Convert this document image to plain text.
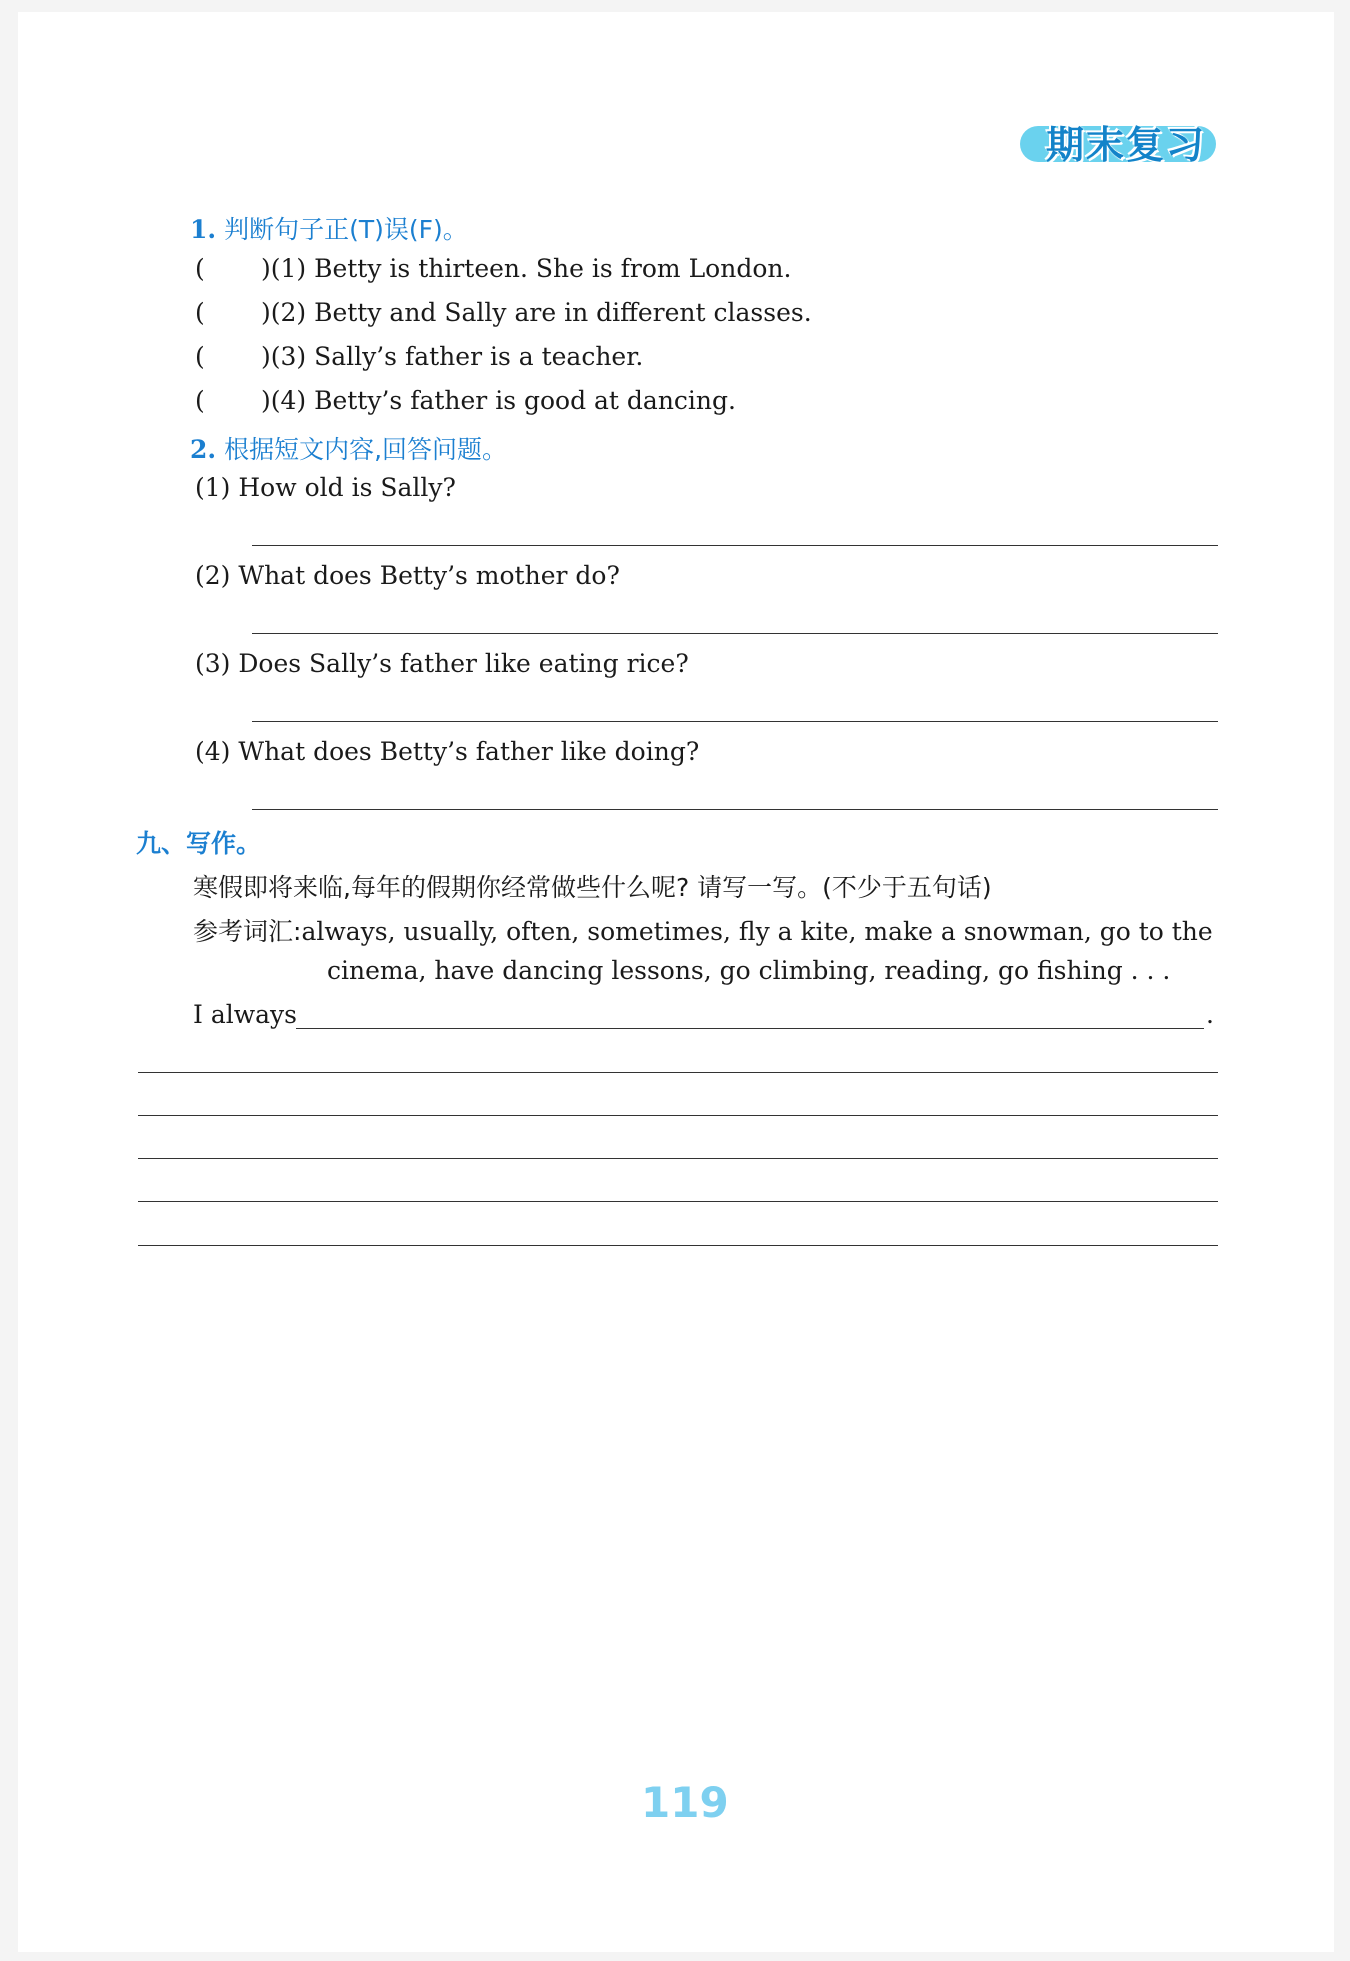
期末复习
1. 判断句子正(T)误(F)。
( )(1) Betty is thirteen. She is from London.
( )(2) Betty and Sally are in different classes.
( )(3) Sally’s father is a teacher.
( )(4) Betty’s father is good at dancing.
2. 根据短文内容,回答问题。
(1) How old is Sally?
(2) What does Betty’s mother do?
(3) Does Sally’s father like eating rice?
(4) What does Betty’s father like doing?
九、写作。
寒假即将来临,每年的假期你经常做些什么呢? 请写一写。(不少于五句话)
参考词汇:always, usually, often, sometimes, fly a kite, make a snowman, go to the
cinema, have dancing lessons, go climbing, reading, go fishing . . .
I always	.
119
